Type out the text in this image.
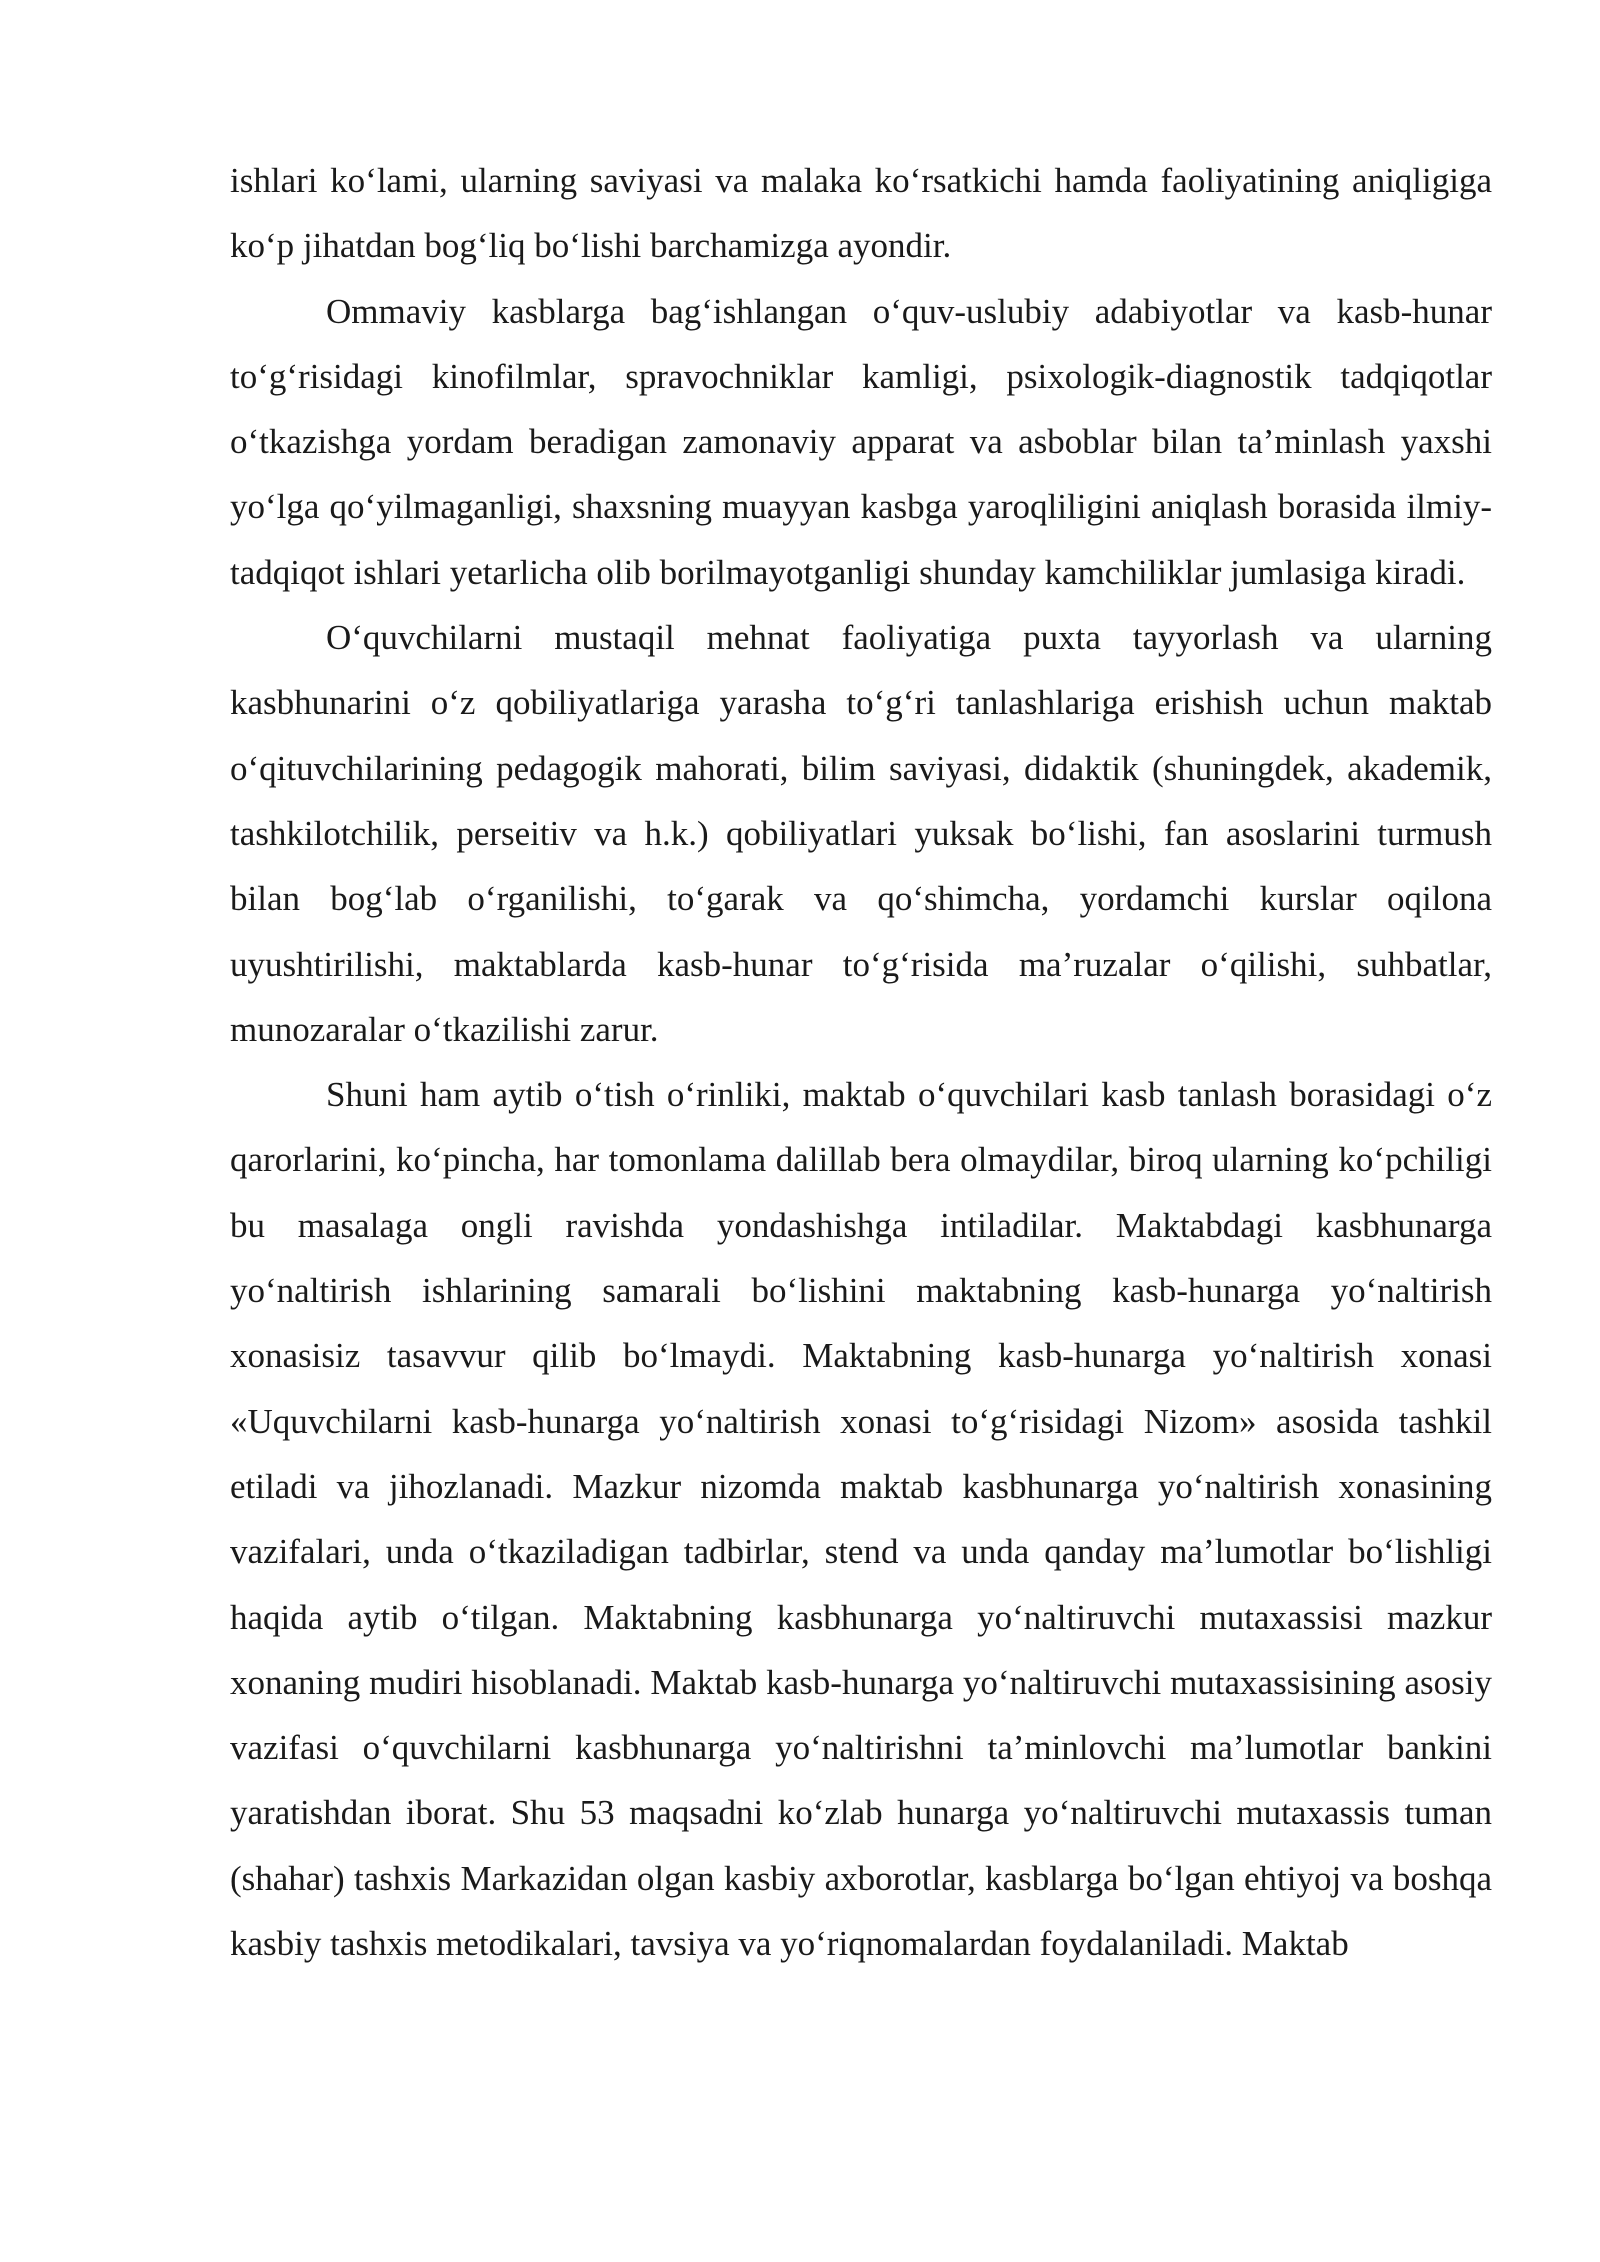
ishlari ko‘lami, ularning saviyasi va malaka ko‘rsatkichi hamda faoliyatining aniqligiga ko‘p jihatdan bog‘liq bo‘lishi barchamizga ayondir.

Ommaviy kasblarga bag‘ishlangan o‘quv-uslubiy adabiyotlar va kasb-hunar to‘g‘risidagi kinofilmlar, spravochniklar kamligi, psixologik-diagnostik tadqiqotlar o‘tkazishga yordam beradigan zamonaviy apparat va asboblar bilan ta’minlash yaxshi yo‘lga qo‘yilmaganligi, shaxsning muayyan kasbga yaroqliligini aniqlash borasida ilmiy-tadqiqot ishlari yetarlicha olib borilmayotganligi shunday kamchiliklar jumlasiga kiradi.

O‘quvchilarni mustaqil mehnat faoliyatiga puxta tayyorlash va ularning kasbhunarini o‘z qobiliyatlariga yarasha to‘g‘ri tanlashlariga erishish uchun maktab o‘qituvchilarining pedagogik mahorati, bilim saviyasi, didaktik (shuningdek, akademik, tashkilotchilik, perseitiv va h.k.) qobiliyatlari yuksak bo‘lishi, fan asoslarini turmush bilan bog‘lab o‘rganilishi, to‘garak va qo‘shimcha, yordamchi kurslar oqilona uyushtirilishi, maktablarda kasb-hunar to‘g‘risida ma’ruzalar o‘qilishi, suhbatlar, munozaralar o‘tkazilishi zarur.

Shuni ham aytib o‘tish o‘rinliki, maktab o‘quvchilari kasb tanlash borasidagi o‘z qarorlarini, ko‘pincha, har tomonlama dalillab bera olmaydilar, biroq ularning ko‘pchiligi bu masalaga ongli ravishda yondashishga intiladilar. Maktabdagi kasbhunarga yo‘naltirish ishlarining samarali bo‘lishini maktabning kasb-hunarga yo‘naltirish xonasisiz tasavvur qilib bo‘lmaydi. Maktabning kasb-hunarga yo‘naltirish xonasi «Uquvchilarni kasb-hunarga yo‘naltirish xonasi to‘g‘risidagi Nizom» asosida tashkil etiladi va jihozlanadi. Mazkur nizomda maktab kasbhunarga yo‘naltirish xonasining vazifalari, unda o‘tkaziladigan tadbirlar, stend va unda qanday ma’lumotlar bo‘lishligi haqida aytib o‘tilgan. Maktabning kasbhunarga yo‘naltiruvchi mutaxassisi mazkur xonaning mudiri hisoblanadi. Maktab kasb-hunarga yo‘naltiruvchi mutaxassisining asosiy vazifasi o‘quvchilarni kasbhunarga yo‘naltirishni ta’minlovchi ma’lumotlar bankini yaratishdan iborat. Shu 53 maqsadni ko‘zlab hunarga yo‘naltiruvchi mutaxassis tuman (shahar) tashxis Markazidan olgan kasbiy axborotlar, kasblarga bo‘lgan ehtiyoj va boshqa kasbiy tashxis metodikalari, tavsiya va yo‘riqnomalardan foydalaniladi. Maktab
